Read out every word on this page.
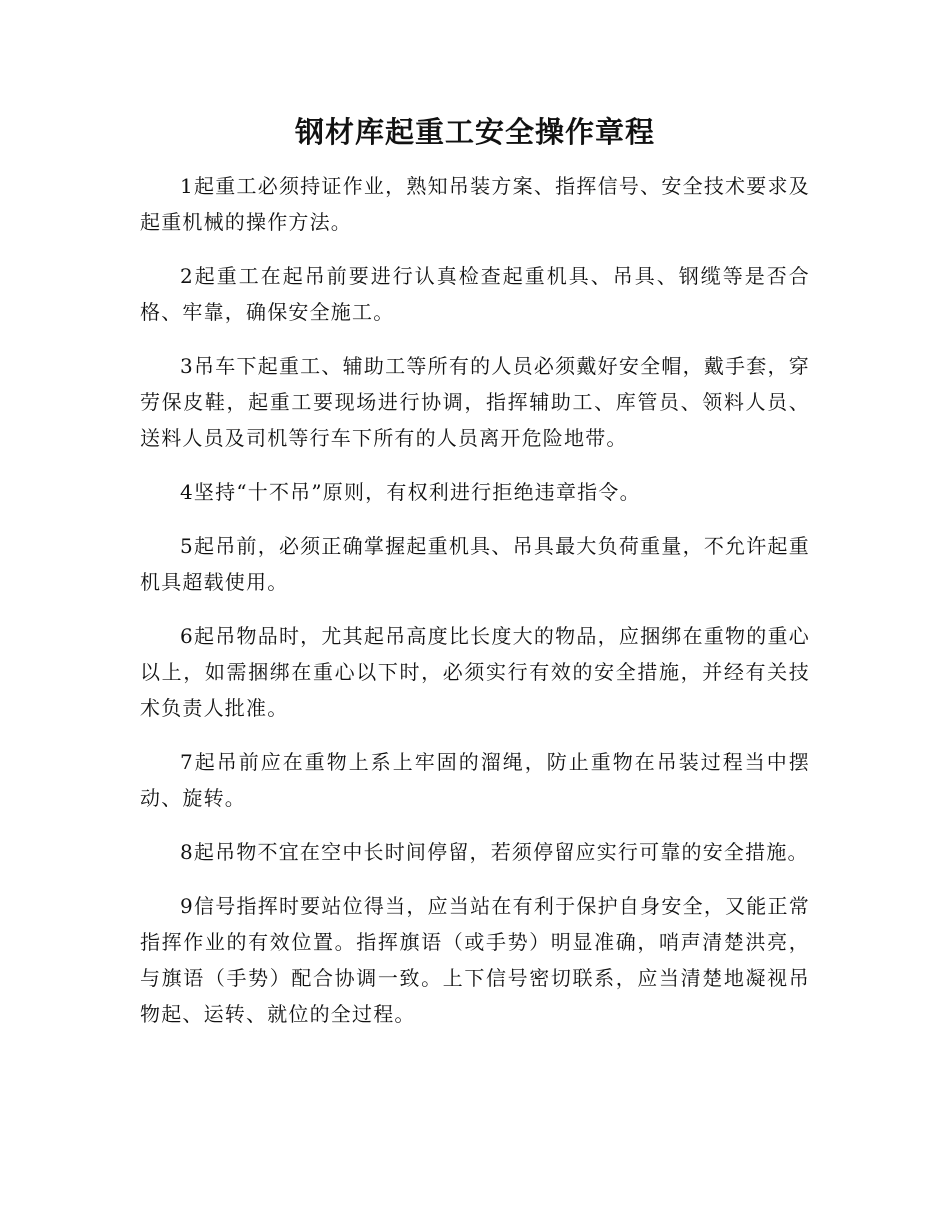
钢材库起重工安全操作章程

1起重工必须持证作业，熟知吊装方案、指挥信号、安全技术要求及起重机械的操作方法。

2起重工在起吊前要进行认真检查起重机具、吊具、钢缆等是否合格、牢靠，确保安全施工。

3吊车下起重工、辅助工等所有的人员必须戴好安全帽，戴手套，穿劳保皮鞋，起重工要现场进行协调，指挥辅助工、库管员、领料人员、送料人员及司机等行车下所有的人员离开危险地带。

4坚持“十不吊”原则，有权利进行拒绝违章指令。

5起吊前，必须正确掌握起重机具、吊具最大负荷重量，不允许起重机具超载使用。

6起吊物品时，尤其起吊高度比长度大的物品，应捆绑在重物的重心以上，如需捆绑在重心以下时，必须实行有效的安全措施，并经有关技术负责人批准。

7起吊前应在重物上系上牢固的溜绳，防止重物在吊装过程当中摆动、旋转。

8起吊物不宜在空中长时间停留，若须停留应实行可靠的安全措施。

9信号指挥时要站位得当，应当站在有利于保护自身安全，又能正常指挥作业的有效位置。指挥旗语（或手势）明显准确，哨声清楚洪亮，与旗语（手势）配合协调一致。上下信号密切联系，应当清楚地凝视吊物起、运转、就位的全过程。
